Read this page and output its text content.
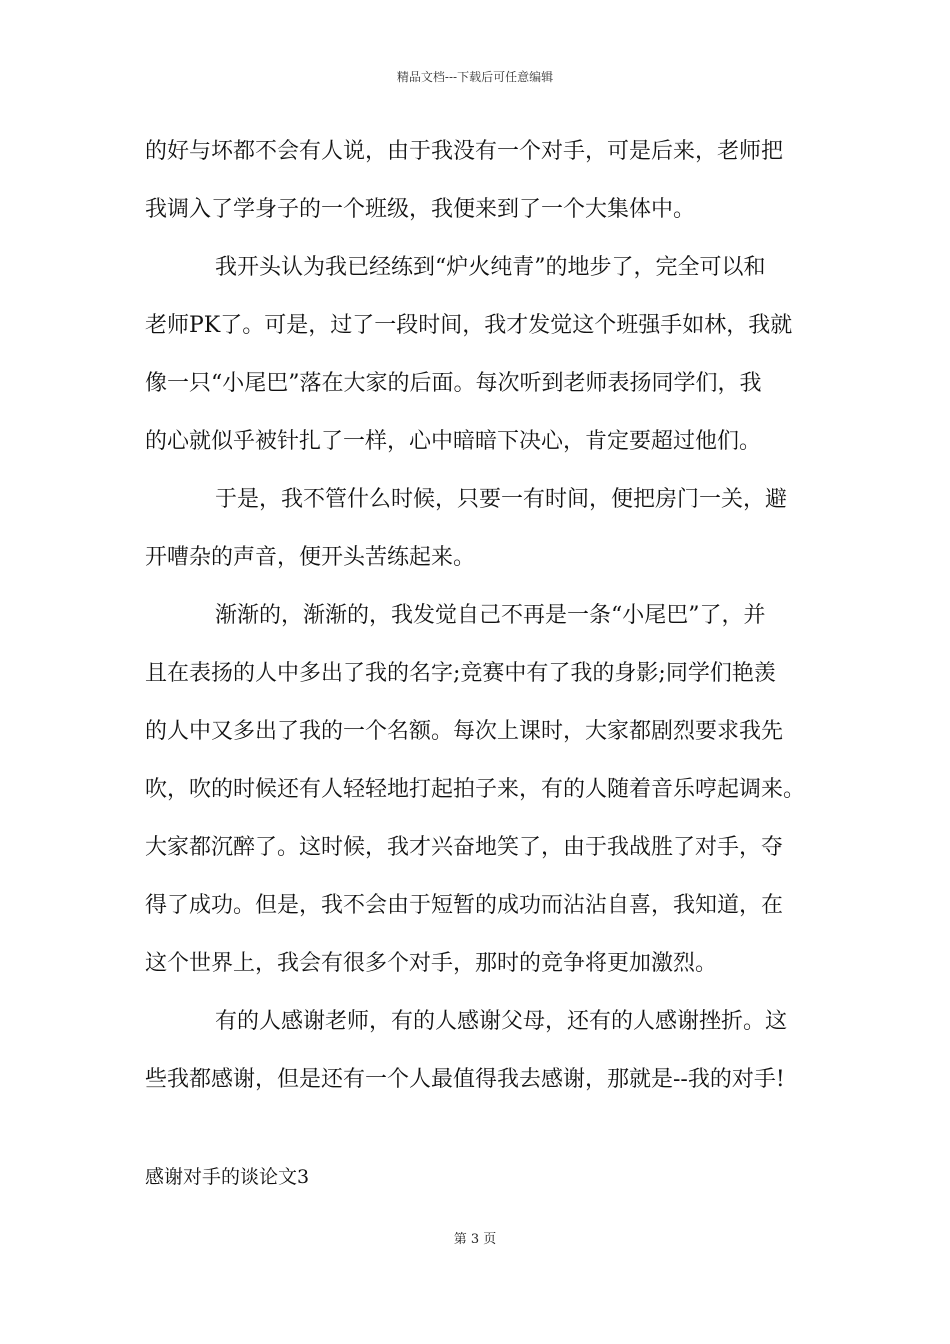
精品文档---下载后可任意编辑
的好与坏都不会有人说，由于我没有一个对手，可是后来，老师把
我调入了学身子的一个班级，我便来到了一个大集体中。
我开头认为我已经练到“炉火纯青”的地步了，完全可以和
老师PK了。可是，过了一段时间，我才发觉这个班强手如林，我就
像一只“小尾巴”落在大家的后面。每次听到老师表扬同学们，我
的心就似乎被针扎了一样，心中暗暗下决心，肯定要超过他们。
于是，我不管什么时候，只要一有时间，便把房门一关，避
开嘈杂的声音，便开头苦练起来。
渐渐的，渐渐的，我发觉自己不再是一条“小尾巴”了，并
且在表扬的人中多出了我的名字;竞赛中有了我的身影;同学们艳羡
的人中又多出了我的一个名额。每次上课时，大家都剧烈要求我先
吹，吹的时候还有人轻轻地打起拍子来，有的人随着音乐哼起调来。
大家都沉醉了。这时候，我才兴奋地笑了，由于我战胜了对手，夺
得了成功。但是，我不会由于短暂的成功而沾沾自喜，我知道，在
这个世界上，我会有很多个对手，那时的竞争将更加激烈。
有的人感谢老师，有的人感谢父母，还有的人感谢挫折。这
些我都感谢，但是还有一个人最值得我去感谢，那就是--我的对手!
感谢对手的谈论文3
第 3 页
